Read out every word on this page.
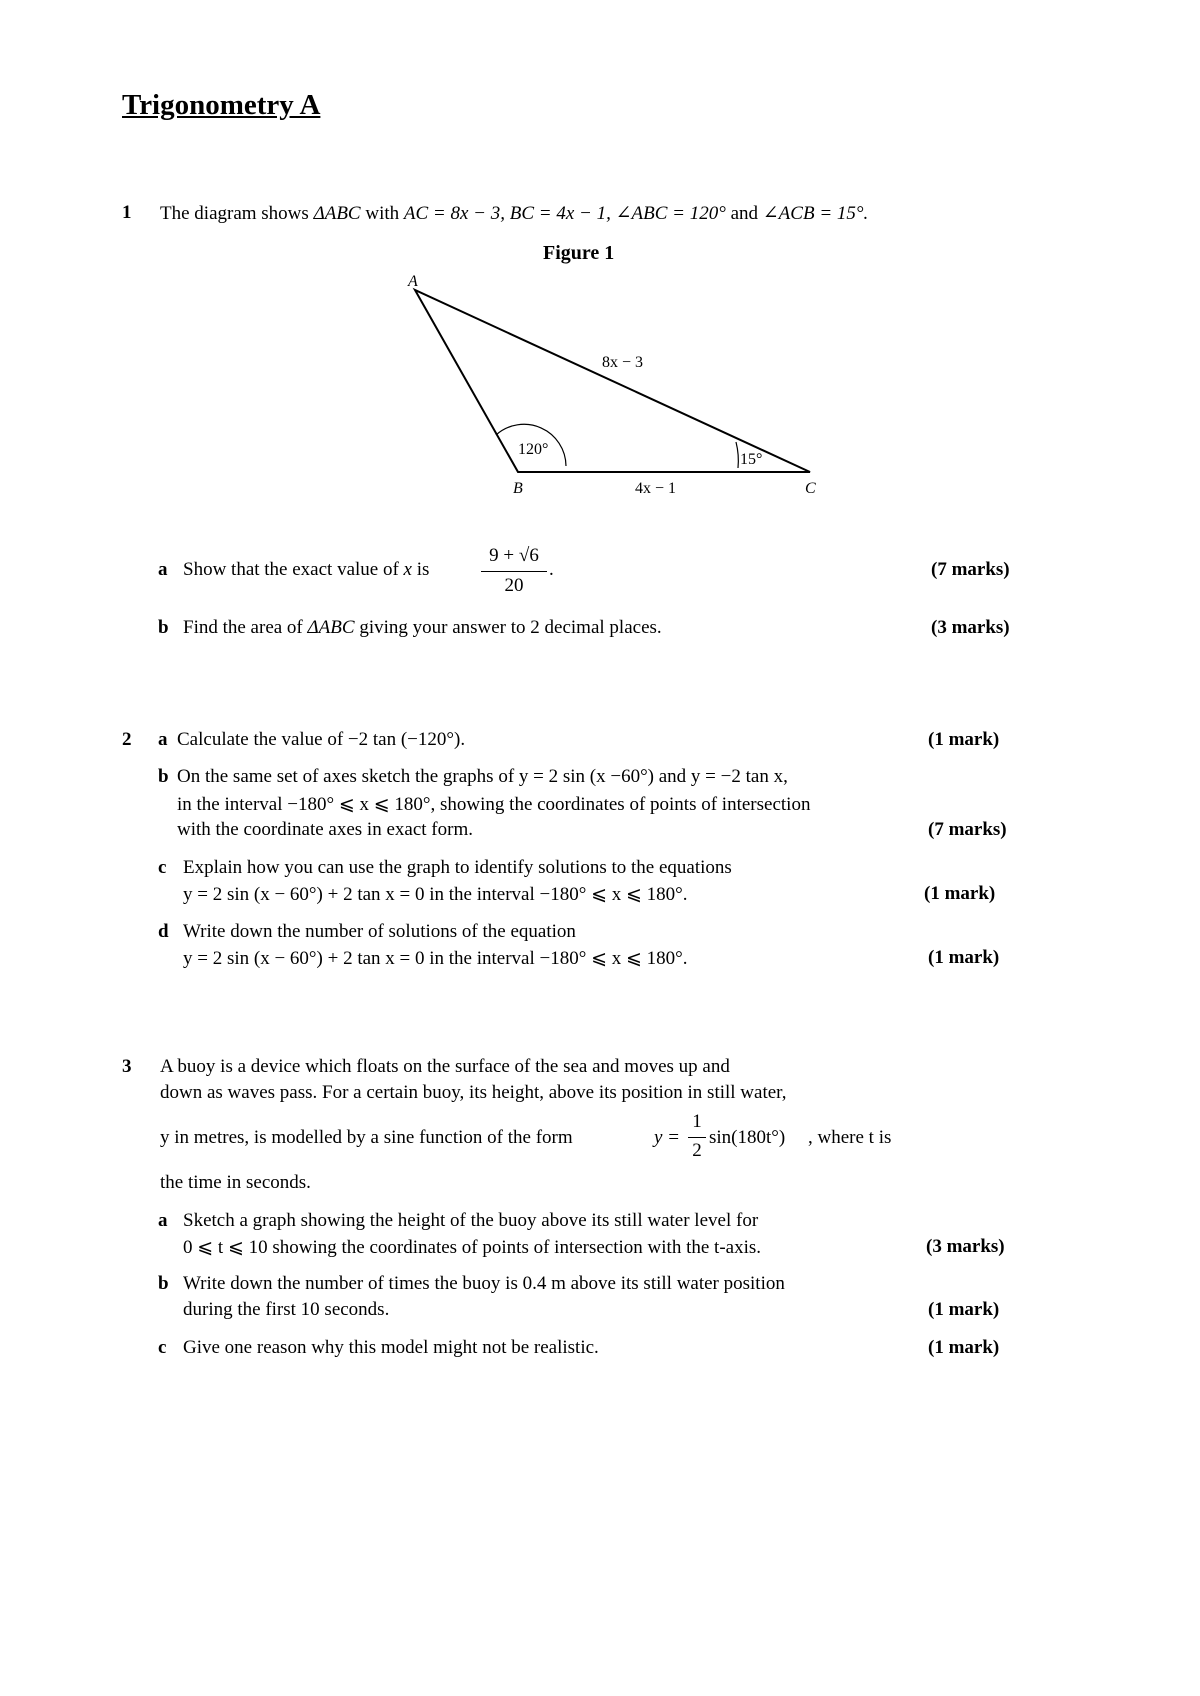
Trigonometry A
1 The diagram shows ΔABC with AC = 8x − 3, BC = 4x − 1, ∠ABC = 120° and ∠ACB = 15°.
Figure 1
A
B	C
8x − 3
4x − 1
120°
15°
a Show that the exact value of x is
9 + √6
20
.	(7 marks)
b Find the area of ΔABC giving your answer to 2 decimal places.	(3 marks)
2 a Calculate the value of −2 tan (−120°).	(1 mark)
b On the same set of axes sketch the graphs of y = 2 sin (x −60°) and y = −2 tan x,
in the interval −180° ⩽ x ⩽ 180°, showing the coordinates of points of intersection
with the coordinate axes in exact form.	(7 marks)
c Explain how you can use the graph to identify solutions to the equations
y = 2 sin (x − 60°) + 2 tan x = 0 in the interval −180° ⩽ x ⩽ 180°.	(1 mark)
d Write down the number of solutions of the equation
y = 2 sin (x − 60°) + 2 tan x = 0 in the interval −180° ⩽ x ⩽ 180°.	(1 mark)
3 A buoy is a device which floats on the surface of the sea and moves up and
down as waves pass. For a certain buoy, its height, above its position in still water,
y in metres, is modelled by a sine function of the form	y =
1
2
sin(180t°) , where t is
the time in seconds.
a Sketch a graph showing the height of the buoy above its still water level for
0 ⩽ t ⩽ 10 showing the coordinates of points of intersection with the t-axis.	(3 marks)
b Write down the number of times the buoy is 0.4 m above its still water position
during the first 10 seconds.	(1 mark)
c Give one reason why this model might not be realistic.	(1 mark)
